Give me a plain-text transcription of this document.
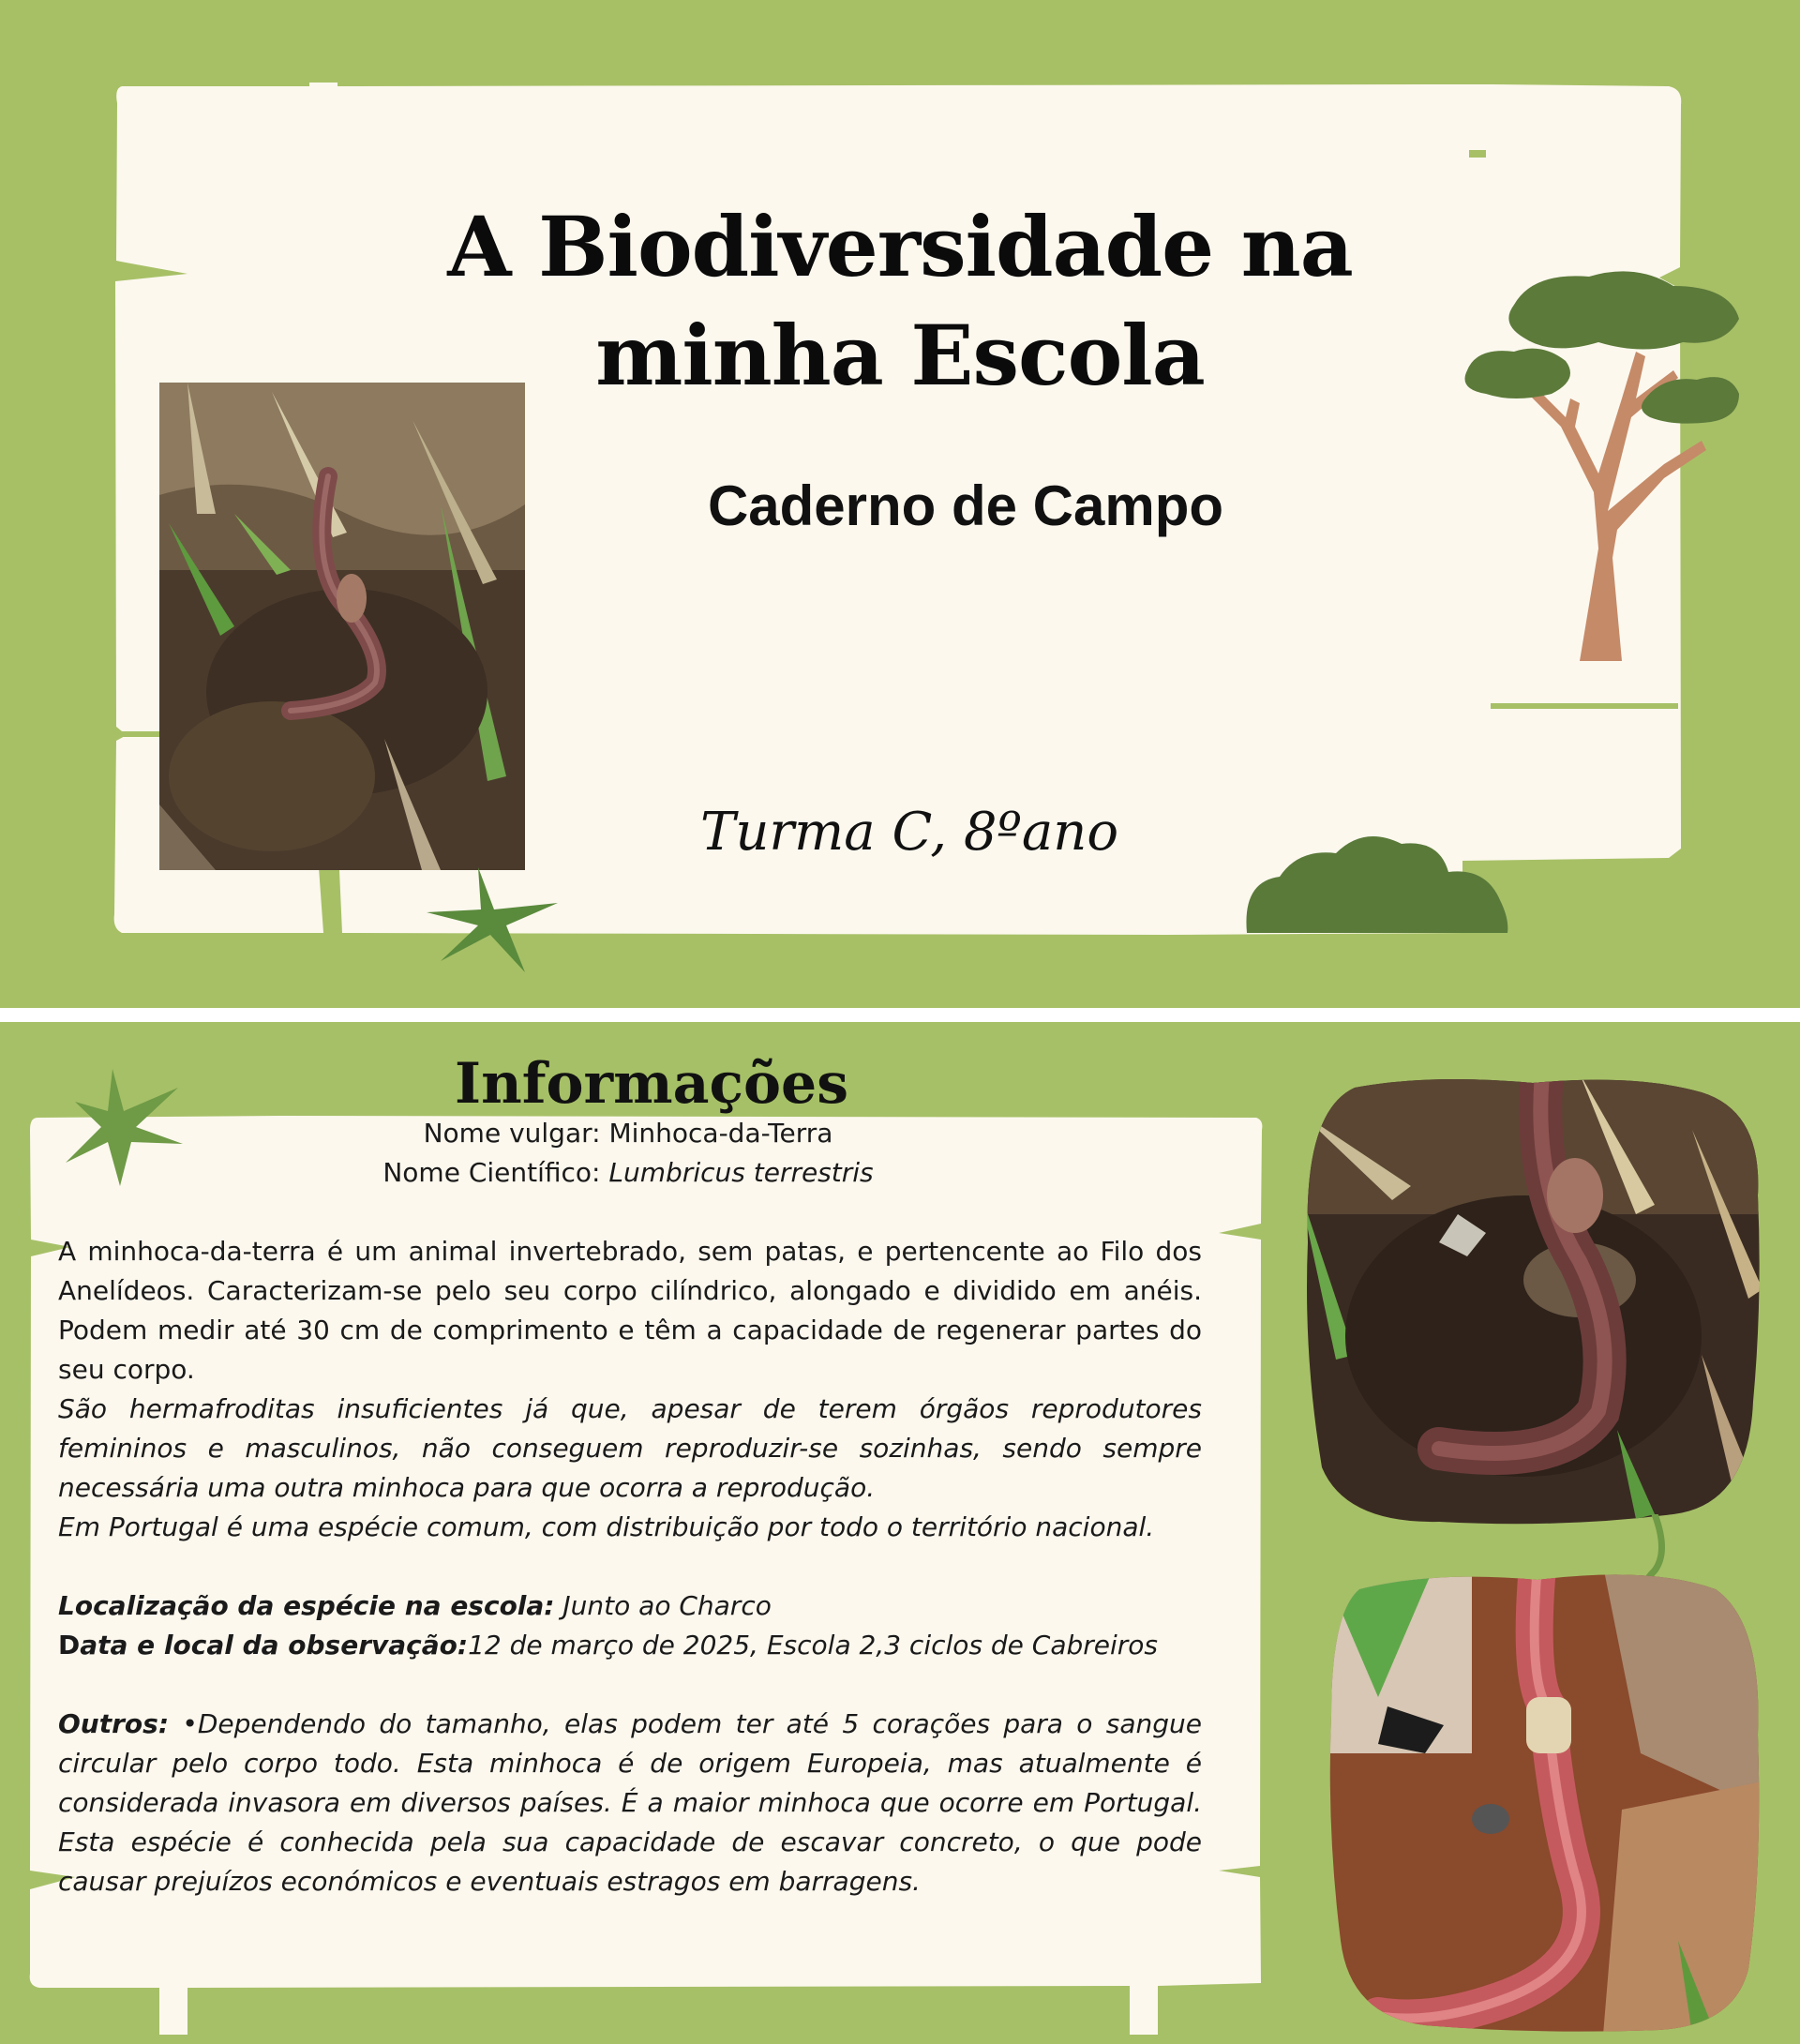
A Biodiversidade na
minha Escola
Caderno de Campo
Turma C, 8ºano
Informações
Nome vulgar: Minhoca-da-Terra
Nome Científico: Lumbricus terrestris

A minhoca-da-terra é um animal invertebrado, sem patas, e pertencente ao Filo dos Anelídeos. Caracterizam-se pelo seu corpo cilíndrico, alongado e dividido em anéis. Podem medir até 30 cm de comprimento e têm a capacidade de regenerar partes do seu corpo.

São hermafroditas insuficientes já que, apesar de terem órgãos reprodutores femininos e masculinos, não conseguem reproduzir-se sozinhas, sendo sempre necessária uma outra minhoca para que ocorra a reprodução.

Em Portugal é uma espécie comum, com distribuição por todo o território nacional.

Localização da espécie na escola: Junto ao Charco

Data e local da observação:12 de março de 2025, Escola 2,3 ciclos de Cabreiros

Outros: •Dependendo do tamanho, elas podem ter até 5 corações para o sangue circular pelo corpo todo. Esta minhoca é de origem Europeia, mas atualmente é considerada invasora em diversos países. É a maior minhoca que ocorre em Portugal. Esta espécie é conhecida pela sua capacidade de escavar concreto, o que pode causar prejuízos económicos e eventuais estragos em barragens.
